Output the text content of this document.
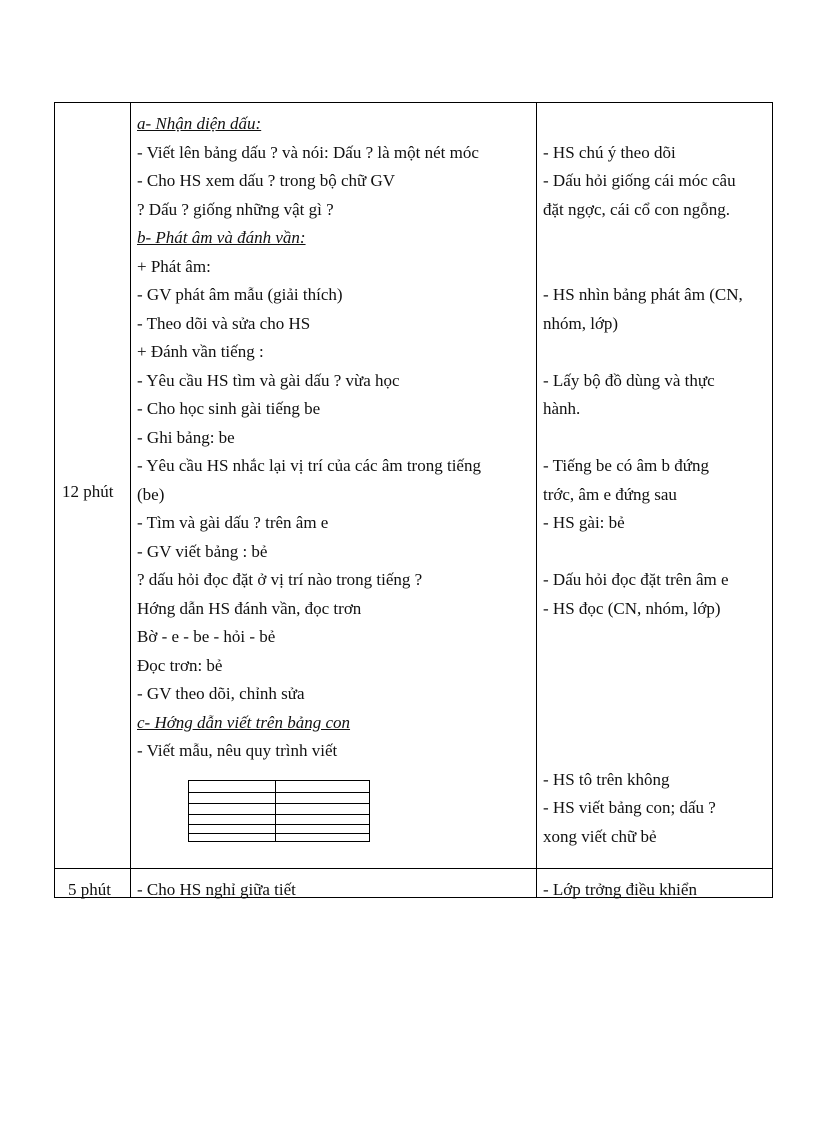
12 phút
a- Nhận diện dấu:
- Viết lên bảng dấu ? và nói: Dấu ? là một nét móc
- Cho HS xem dấu ? trong bộ chữ GV
? Dấu ? giống những vật gì ?
b- Phát âm và đánh vần:
+ Phát âm:
- GV phát âm mẫu (giải thích)
- Theo dõi và sửa cho HS
+ Đánh vần tiếng :
- Yêu cầu HS tìm và gài dấu ? vừa học
- Cho học sinh gài tiếng be
- Ghi bảng: be
- Yêu cầu HS nhắc lại vị trí của các âm trong tiếng
(be)
- Tìm và gài dấu ? trên âm e
- GV viết bảng : bẻ
? dấu hỏi đọc đặt ở vị trí nào trong tiếng ?
Hớng dẫn HS đánh vần, đọc trơn
Bờ - e - be - hỏi - bẻ
Đọc trơn: bẻ
- GV theo dõi, chỉnh sửa
c- Hớng dẫn viết trên bảng con
- Viết mẫu, nêu quy trình viết
- HS chú ý theo dõi
- Dấu hỏi giống cái móc câu
đặt ngợc, cái cổ con ngỗng.
- HS nhìn bảng phát âm (CN,
nhóm, lớp)
- Lấy bộ đồ dùng và thực
hành.
- Tiếng be có âm b đứng
trớc, âm e đứng sau
- HS gài: bẻ
- Dấu hỏi đọc đặt trên âm e
- HS đọc (CN, nhóm, lớp)
- HS tô trên không
- HS viết bảng con; dấu ?
xong viết chữ bẻ
5 phút - Cho HS nghỉ giữa tiết	- Lớp trởng điều khiển
